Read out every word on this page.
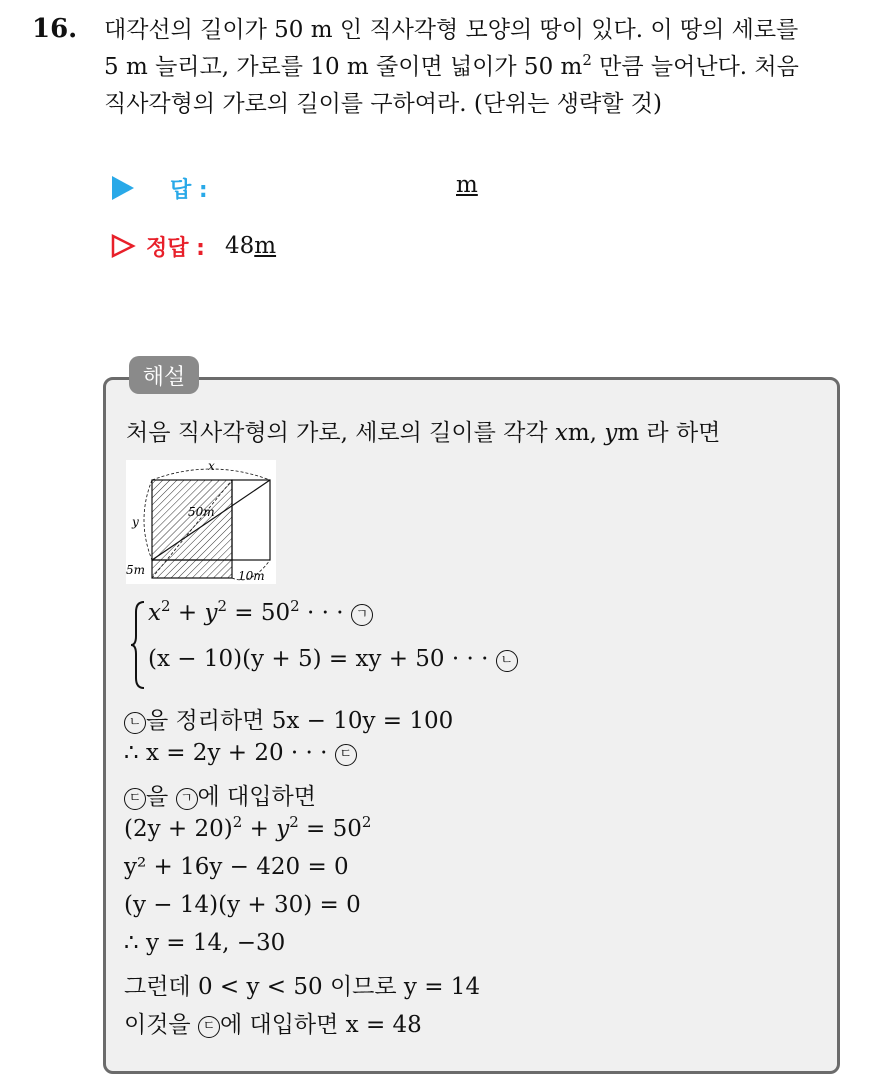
16. 대각선의 길이가 50 m 인 직사각형 모양의 땅이 있다. 이 땅의 세로를
5 m 늘리고, 가로를 10 m 줄이면 넓이가 50 $m^2$ 만큼 늘어난다. 처음
직사각형의 가로의 길이를 구하여라. (단위는 생략할 것)
답 :	m
정답 : 48m
해설
처음 직사각형의 가로, 세로의 길이를 각각 xm, ym 라 하면
x
y
50m
5m	10m
$x^2 + y^2 = 50^2$ · · · ㄱ
(x − 10)(y + 5) = xy + 50 · · · ㄴ
ㄴ 을 정리하면 5x − 10y = 100
∴ x = 2y + 20 · · · ㄷ
ㄷ 을 ㄱ 에 대입하면
$(2y + 20)^2 + y^2 = 50^2$
y² + 16y − 420 = 0
(y − 14)(y + 30) = 0
∴ y = 14, −30
그런데 0 < y < 50 이므로 y = 14
이것을 ㄷ 에 대입하면 x = 48
